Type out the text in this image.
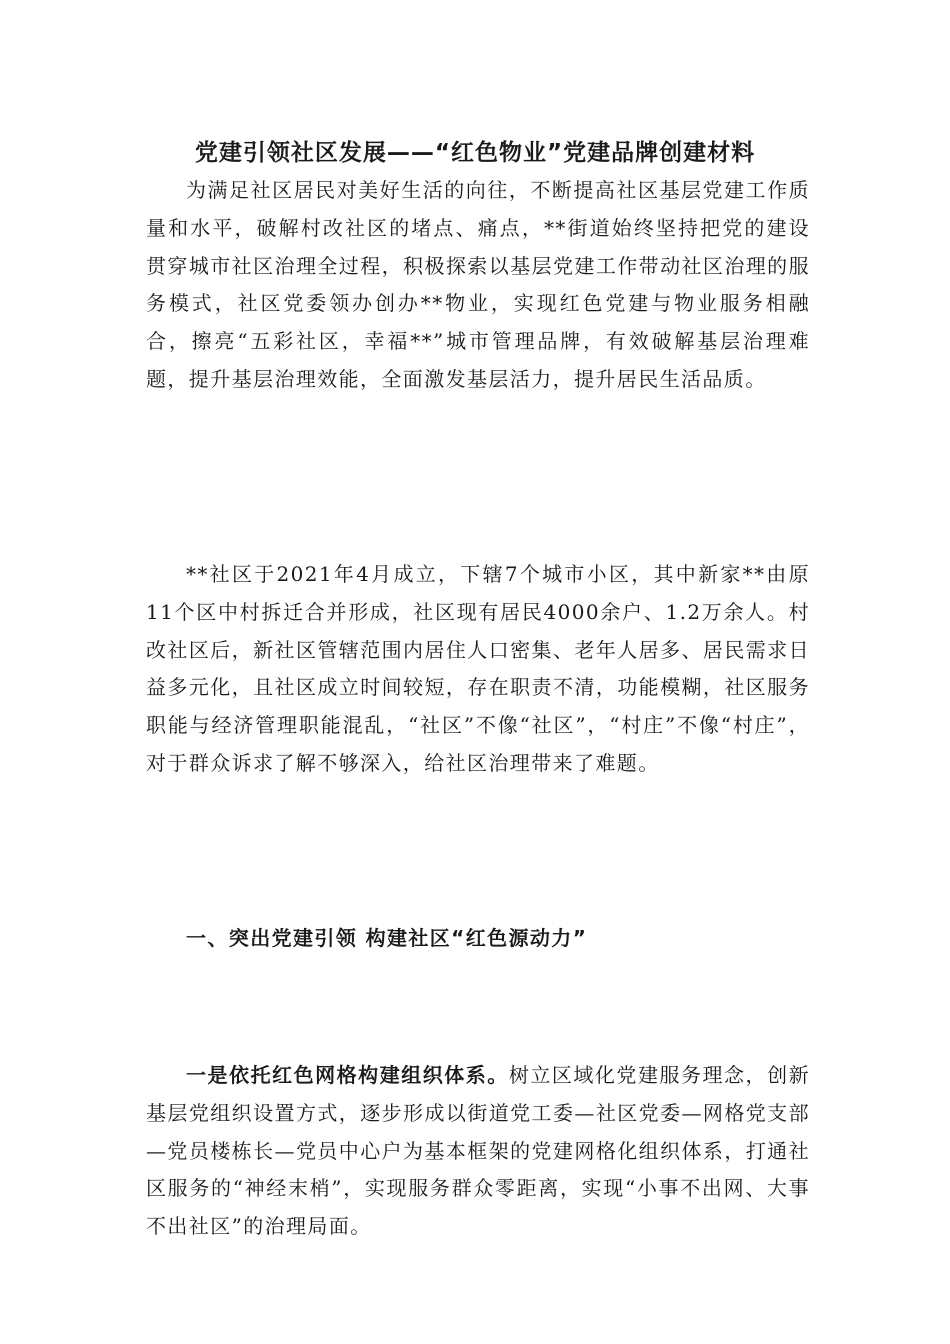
党建引领社区发展——“红色物业”党建品牌创建材料

为满足社区居民对美好生活的向往，不断提高社区基层党建工作质量和水平，破解村改社区的堵点、痛点，**街道始终坚持把党的建设贯穿城市社区治理全过程，积极探索以基层党建工作带动社区治理的服务模式，社区党委领办创办**物业，实现红色党建与物业服务相融合，擦亮“五彩社区，幸福**”城市管理品牌，有效破解基层治理难题，提升基层治理效能，全面激发基层活力，提升居民生活品质。

**社区于2021年4月成立，下辖7个城市小区，其中新家**由原11个区中村拆迁合并形成，社区现有居民4000余户、1.2万余人。村改社区后，新社区管辖范围内居住人口密集、老年人居多、居民需求日益多元化，且社区成立时间较短，存在职责不清，功能模糊，社区服务职能与经济管理职能混乱，“社区”不像“社区”，“村庄”不像“村庄”，对于群众诉求了解不够深入，给社区治理带来了难题。

一、突出党建引领 构建社区“红色源动力”

一是依托红色网格构建组织体系。树立区域化党建服务理念，创新基层党组织设置方式，逐步形成以街道党工委—社区党委—网格党支部—党员楼栋长—党员中心户为基本框架的党建网格化组织体系，打通社区服务的“神经末梢”，实现服务群众零距离，实现“小事不出网、大事不出社区”的治理局面。
